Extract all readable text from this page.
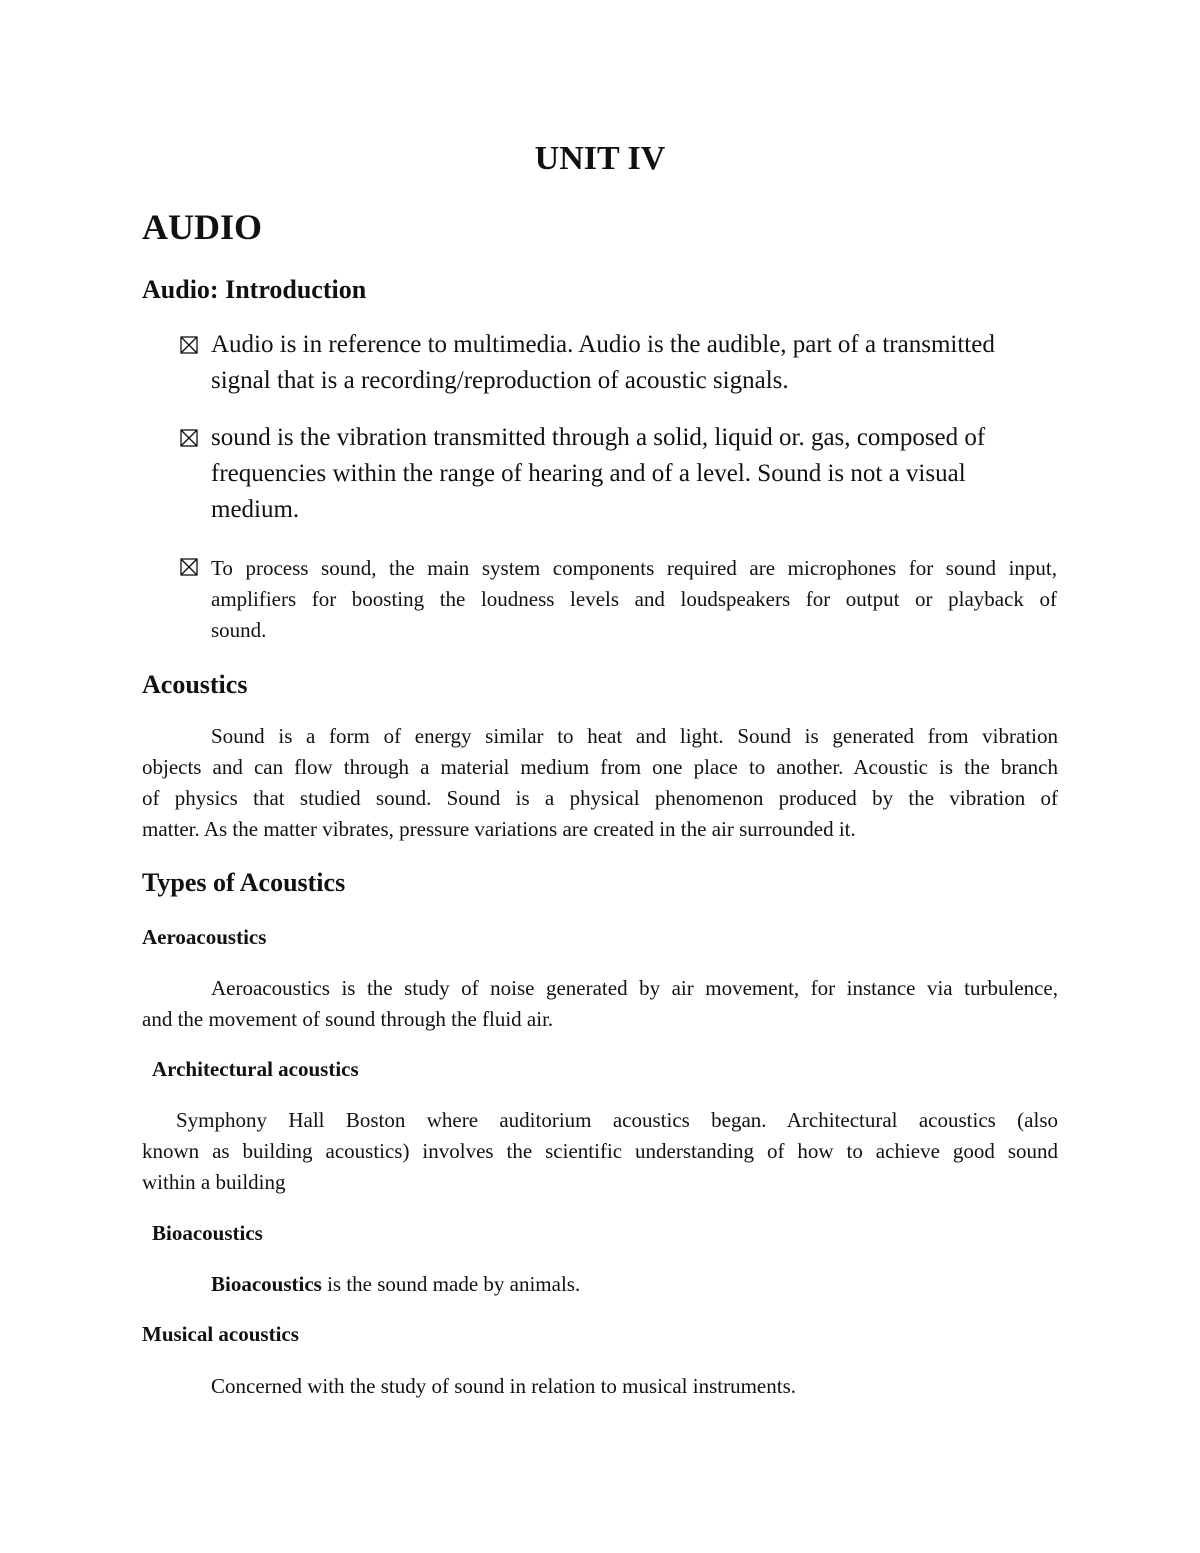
UNIT IV
AUDIO
Audio: Introduction

Audio is in reference to multimedia. Audio is the audible, part of a transmitted

signal that is a recording/reproduction of acoustic signals.

sound is the vibration transmitted through a solid, liquid or. gas, composed of

frequencies within the range of hearing and of a level. Sound is not a visual

medium.

To process sound, the main system components required are microphones for sound input,

amplifiers for boosting the loudness levels and loudspeakers for output or playback of

sound.

Acoustics

Sound is a form of energy similar to heat and light. Sound is generated from vibration

objects and can flow through a material medium from one place to another. Acoustic is the branch

of physics that studied sound. Sound is a physical phenomenon produced by the vibration of

matter. As the matter vibrates, pressure variations are created in the air surrounded it.

Types of Acoustics
Aeroacoustics

Aeroacoustics is the study of noise generated by air movement, for instance via turbulence,

and the movement of sound through the fluid air.

Architectural acoustics

Symphony Hall Boston where auditorium acoustics began. Architectural acoustics (also

known as building acoustics) involves the scientific understanding of how to achieve good sound

within a building

Bioacoustics

Bioacoustics is the sound made by animals.

Musical acoustics

Concerned with the study of sound in relation to musical instruments.
